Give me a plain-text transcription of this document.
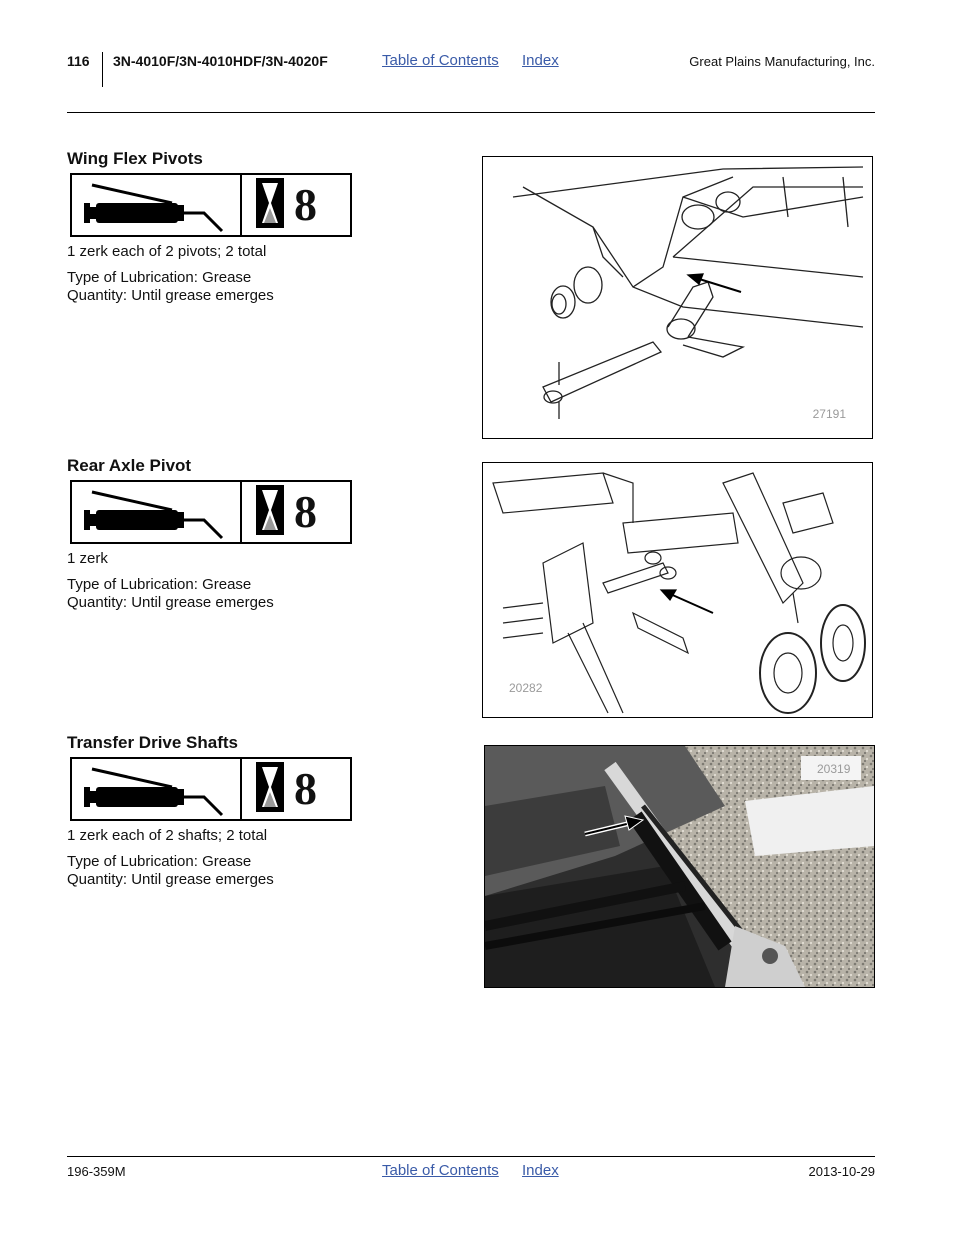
116 3N-4010F/3N-4010HDF/3N-4020F	Table of Contents Index	Great Plains Manufacturing, Inc.
Wing Flex Pivots
8
1 zerk each of 2 pivots; 2 total
Type of Lubrication: Grease
Quantity: Until grease emerges
27191
Rear Axle Pivot
8
1 zerk
Type of Lubrication: Grease
Quantity: Until grease emerges
20282
Transfer Drive Shafts
8
1 zerk each of 2 shafts; 2 total
Type of Lubrication: Grease
Quantity: Until grease emerges
20319
196-359M	Table of Contents Index	2013-10-29
